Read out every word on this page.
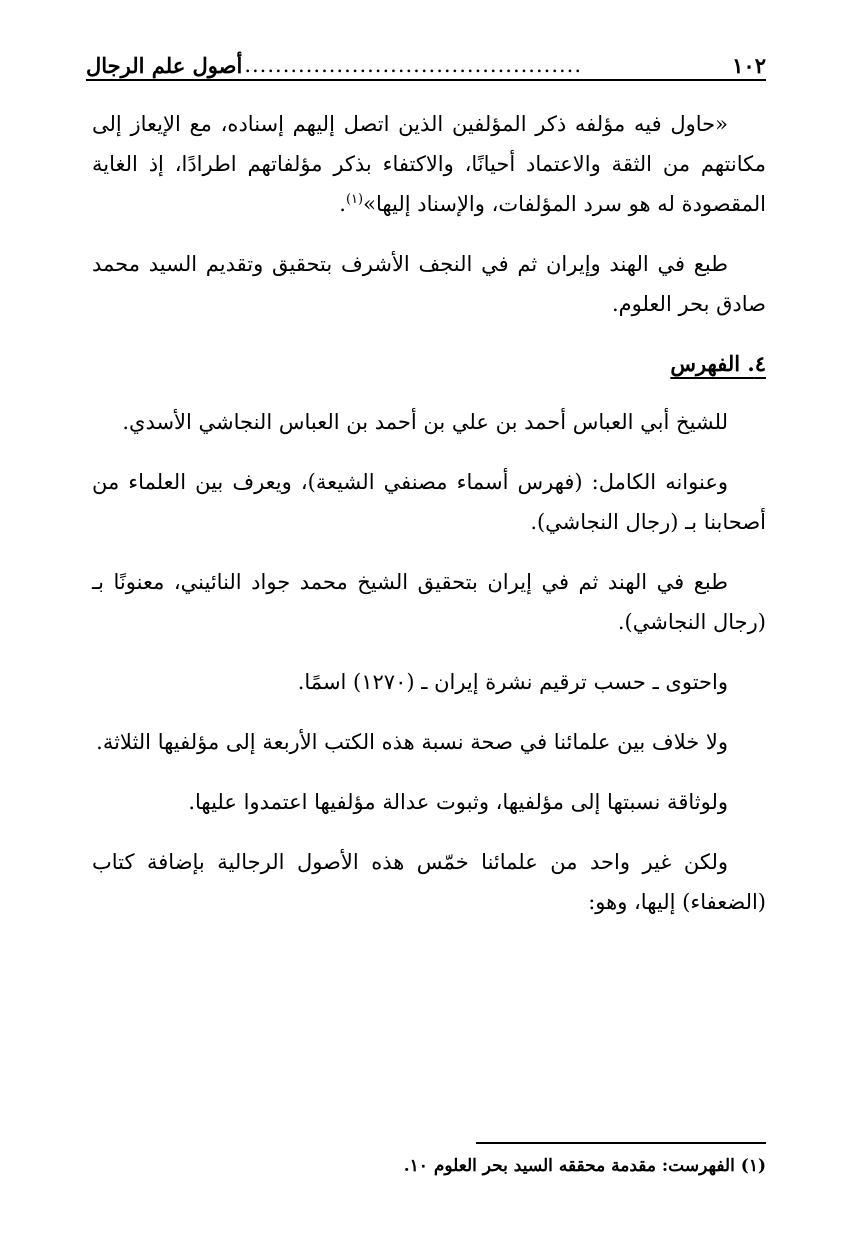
١٠٢
............................................
أصول علم الرجال

«حاول فيه مؤلفه ذكر المؤلفين الذين اتصل إليهم إسناده، مع الإيعاز إلى مكانتهم من الثقة والاعتماد أحيانًا، والاكتفاء بذكر مؤلفاتهم اطرادًا، إذ الغاية المقصودة له هو سرد المؤلفات، والإسناد إليها»$^{(١)}$.

طبع في الهند وإيران ثم في النجف الأشرف بتحقيق وتقديم السيد محمد صادق بحر العلوم.

٤. الفهرس

للشيخ أبي العباس أحمد بن علي بن أحمد بن العباس النجاشي الأسدي.

وعنوانه الكامل: (فهرس أسماء مصنفي الشيعة)، ويعرف بين العلماء من أصحابنا بـ (رجال النجاشي).

طبع في الهند ثم في إيران بتحقيق الشيخ محمد جواد النائيني، معنونًا بـ (رجال النجاشي).

واحتوى ـ حسب ترقيم نشرة إيران ـ (١٢٧٠) اسمًا.

ولا خلاف بين علمائنا في صحة نسبة هذه الكتب الأربعة إلى مؤلفيها الثلاثة.

ولوثاقة نسبتها إلى مؤلفيها، وثبوت عدالة مؤلفيها اعتمدوا عليها.

ولكن غير واحد من علمائنا خمّس هذه الأصول الرجالية بإضافة كتاب (الضعفاء) إليها، وهو:

(١) الفهرست: مقدمة محققه السيد بحر العلوم ١٠.
